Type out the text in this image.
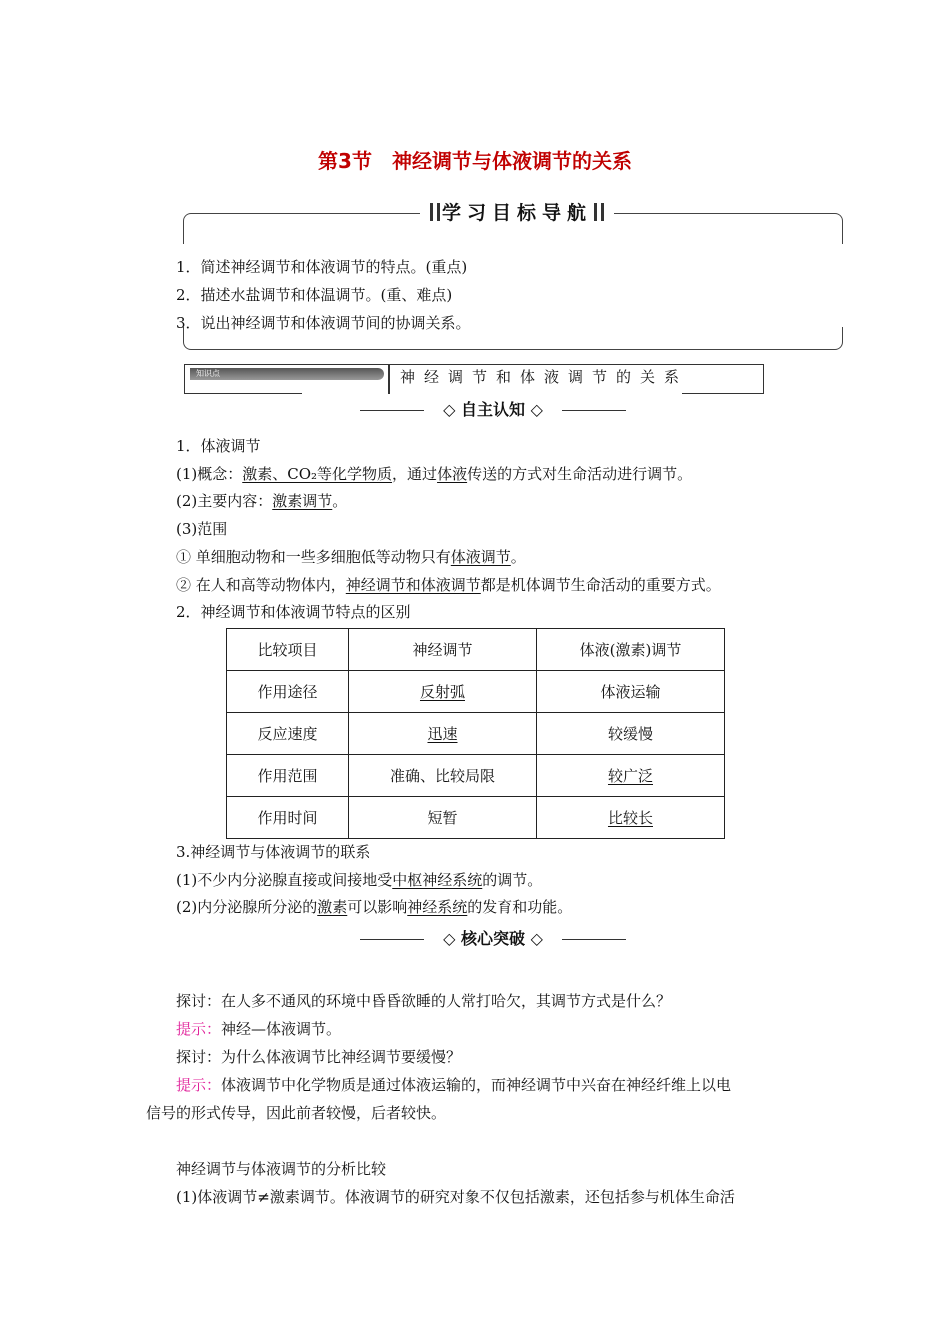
第3节　神经调节与体液调节的关系
学习目标导航
1．简述神经调节和体液调节的特点。(重点)
2．描述水盐调节和体温调节。(重、难点)
3．说出神经调节和体液调节间的协调关系。
知识点	神经调节和体液调节的关系
◇ 自主认知 ◇
1．体液调节
(1)概念：激素、CO₂等化学物质，通过体液传送的方式对生命活动进行调节。
(2)主要内容：激素调节。
(3)范围
① 单细胞动物和一些多细胞低等动物只有体液调节。
② 在人和高等动物体内，神经调节和体液调节都是机体调节生命活动的重要方式。
2．神经调节和体液调节特点的区别
比较项目	神经调节	体液(激素)调节
作用途径	反射弧	体液运输
反应速度	迅速	较缓慢
作用范围	准确、比较局限	较广泛
作用时间	短暂	比较长
3.神经调节与体液调节的联系
(1)不少内分泌腺直接或间接地受中枢神经系统的调节。
(2)内分泌腺所分泌的激素可以影响神经系统的发育和功能。
◇ 核心突破 ◇
探讨：在人多不通风的环境中昏昏欲睡的人常打哈欠，其调节方式是什么？
提示：神经—体液调节。
探讨：为什么体液调节比神经调节要缓慢？
提示：体液调节中化学物质是通过体液运输的，而神经调节中兴奋在神经纤维上以电
信号的形式传导，因此前者较慢，后者较快。
神经调节与体液调节的分析比较
(1)体液调节≠激素调节。体液调节的研究对象不仅包括激素，还包括参与机体生命活
